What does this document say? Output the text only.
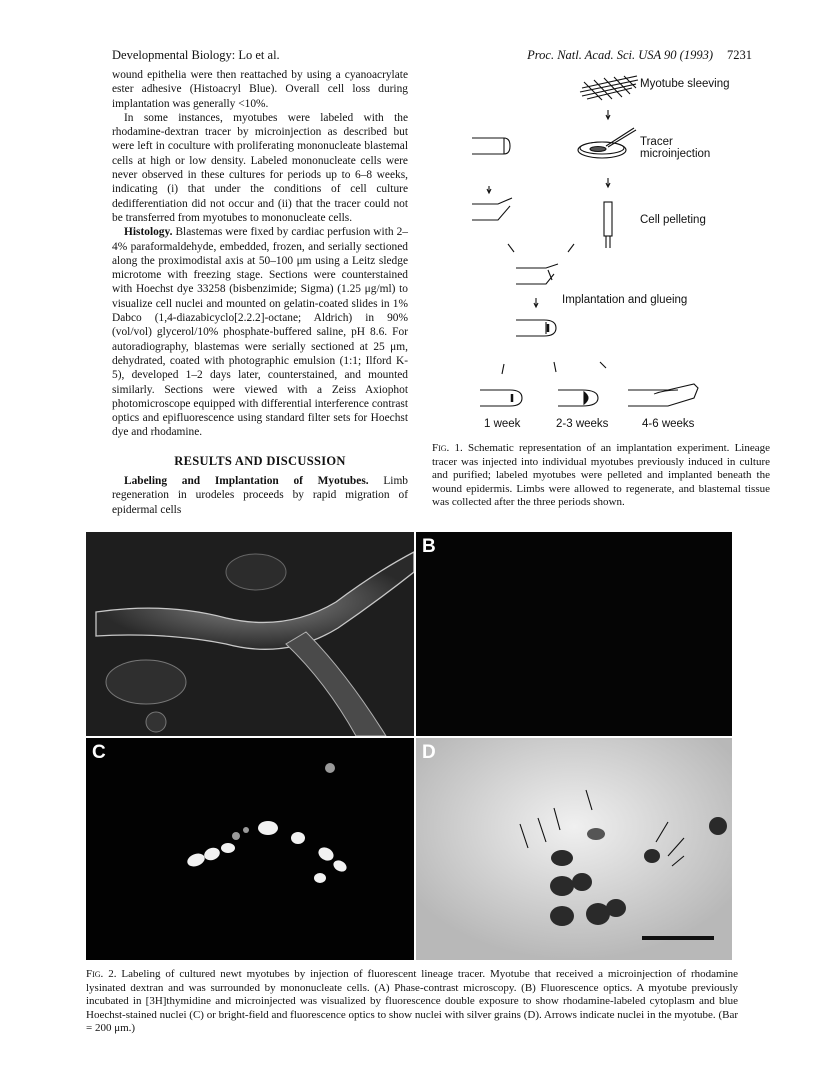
Developmental Biology: Lo et al.	Proc. Natl. Acad. Sci. USA 90 (1993) 7231

wound epithelia were then reattached by using a cyanoacrylate ester adhesive (Histoacryl Blue). Overall cell loss during implantation was generally <10%.

In some instances, myotubes were labeled with the rhodamine-dextran tracer by microinjection as described but were left in coculture with proliferating mononucleate blastemal cells at high or low density. Labeled mononucleate cells were never observed in these cultures for periods up to 6–8 weeks, indicating (i) that under the conditions of cell culture dedifferentiation did not occur and (ii) that the tracer could not be transferred from myotubes to mononucleate cells.

Histology. Blastemas were fixed by cardiac perfusion with 2–4% paraformaldehyde, embedded, frozen, and serially sectioned along the proximodistal axis at 50–100 μm using a Leitz sledge microtome with freezing stage. Sections were counterstained with Hoechst dye 33258 (bisbenzimide; Sigma) (1.25 μg/ml) to visualize cell nuclei and mounted on gelatin-coated slides in 1% Dabco (1,4-diazabicyclo[2.2.2]-octane; Aldrich) in 90% (vol/vol) glycerol/10% phosphate-buffered saline, pH 8.6. For autoradiography, blastemas were serially sectioned at 25 μm, dehydrated, coated with photographic emulsion (1:1; Ilford K-5), developed 1–2 days later, counterstained, and mounted similarly. Sections were viewed with a Zeiss Axiophot photomicroscope equipped with differential interference contrast optics and epifluorescence using standard filter sets for Hoechst dye and rhodamine.

RESULTS AND DISCUSSION

Labeling and Implantation of Myotubes. Limb regeneration in urodeles proceeds by rapid migration of epidermal cells

Myotube sleeving
Tracer
microinjection
Cell pelleting
Implantation and glueing
1 week	2-3 weeks	4-6 weeks
Fig. 1. Schematic representation of an implantation experiment. Lineage tracer was injected into individual myotubes previously induced in culture and purified; labeled myotubes were pelleted and implanted beneath the wound epidermis. Limbs were allowed to regenerate, and blastemal tissue was collected after the three periods shown.
B
C	D
Fig. 2. Labeling of cultured newt myotubes by injection of fluorescent lineage tracer. Myotube that received a microinjection of rhodamine lysinated dextran and was surrounded by mononucleate cells. (A) Phase-contrast microscopy. (B) Fluorescence optics. A myotube previously incubated in [3H]thymidine and microinjected was visualized by fluorescence double exposure to show rhodamine-labeled cytoplasm and blue Hoechst-stained nuclei (C) or bright-field and fluorescence optics to show nuclei with silver grains (D). Arrows indicate nuclei in the myotube. (Bar = 200 μm.)
